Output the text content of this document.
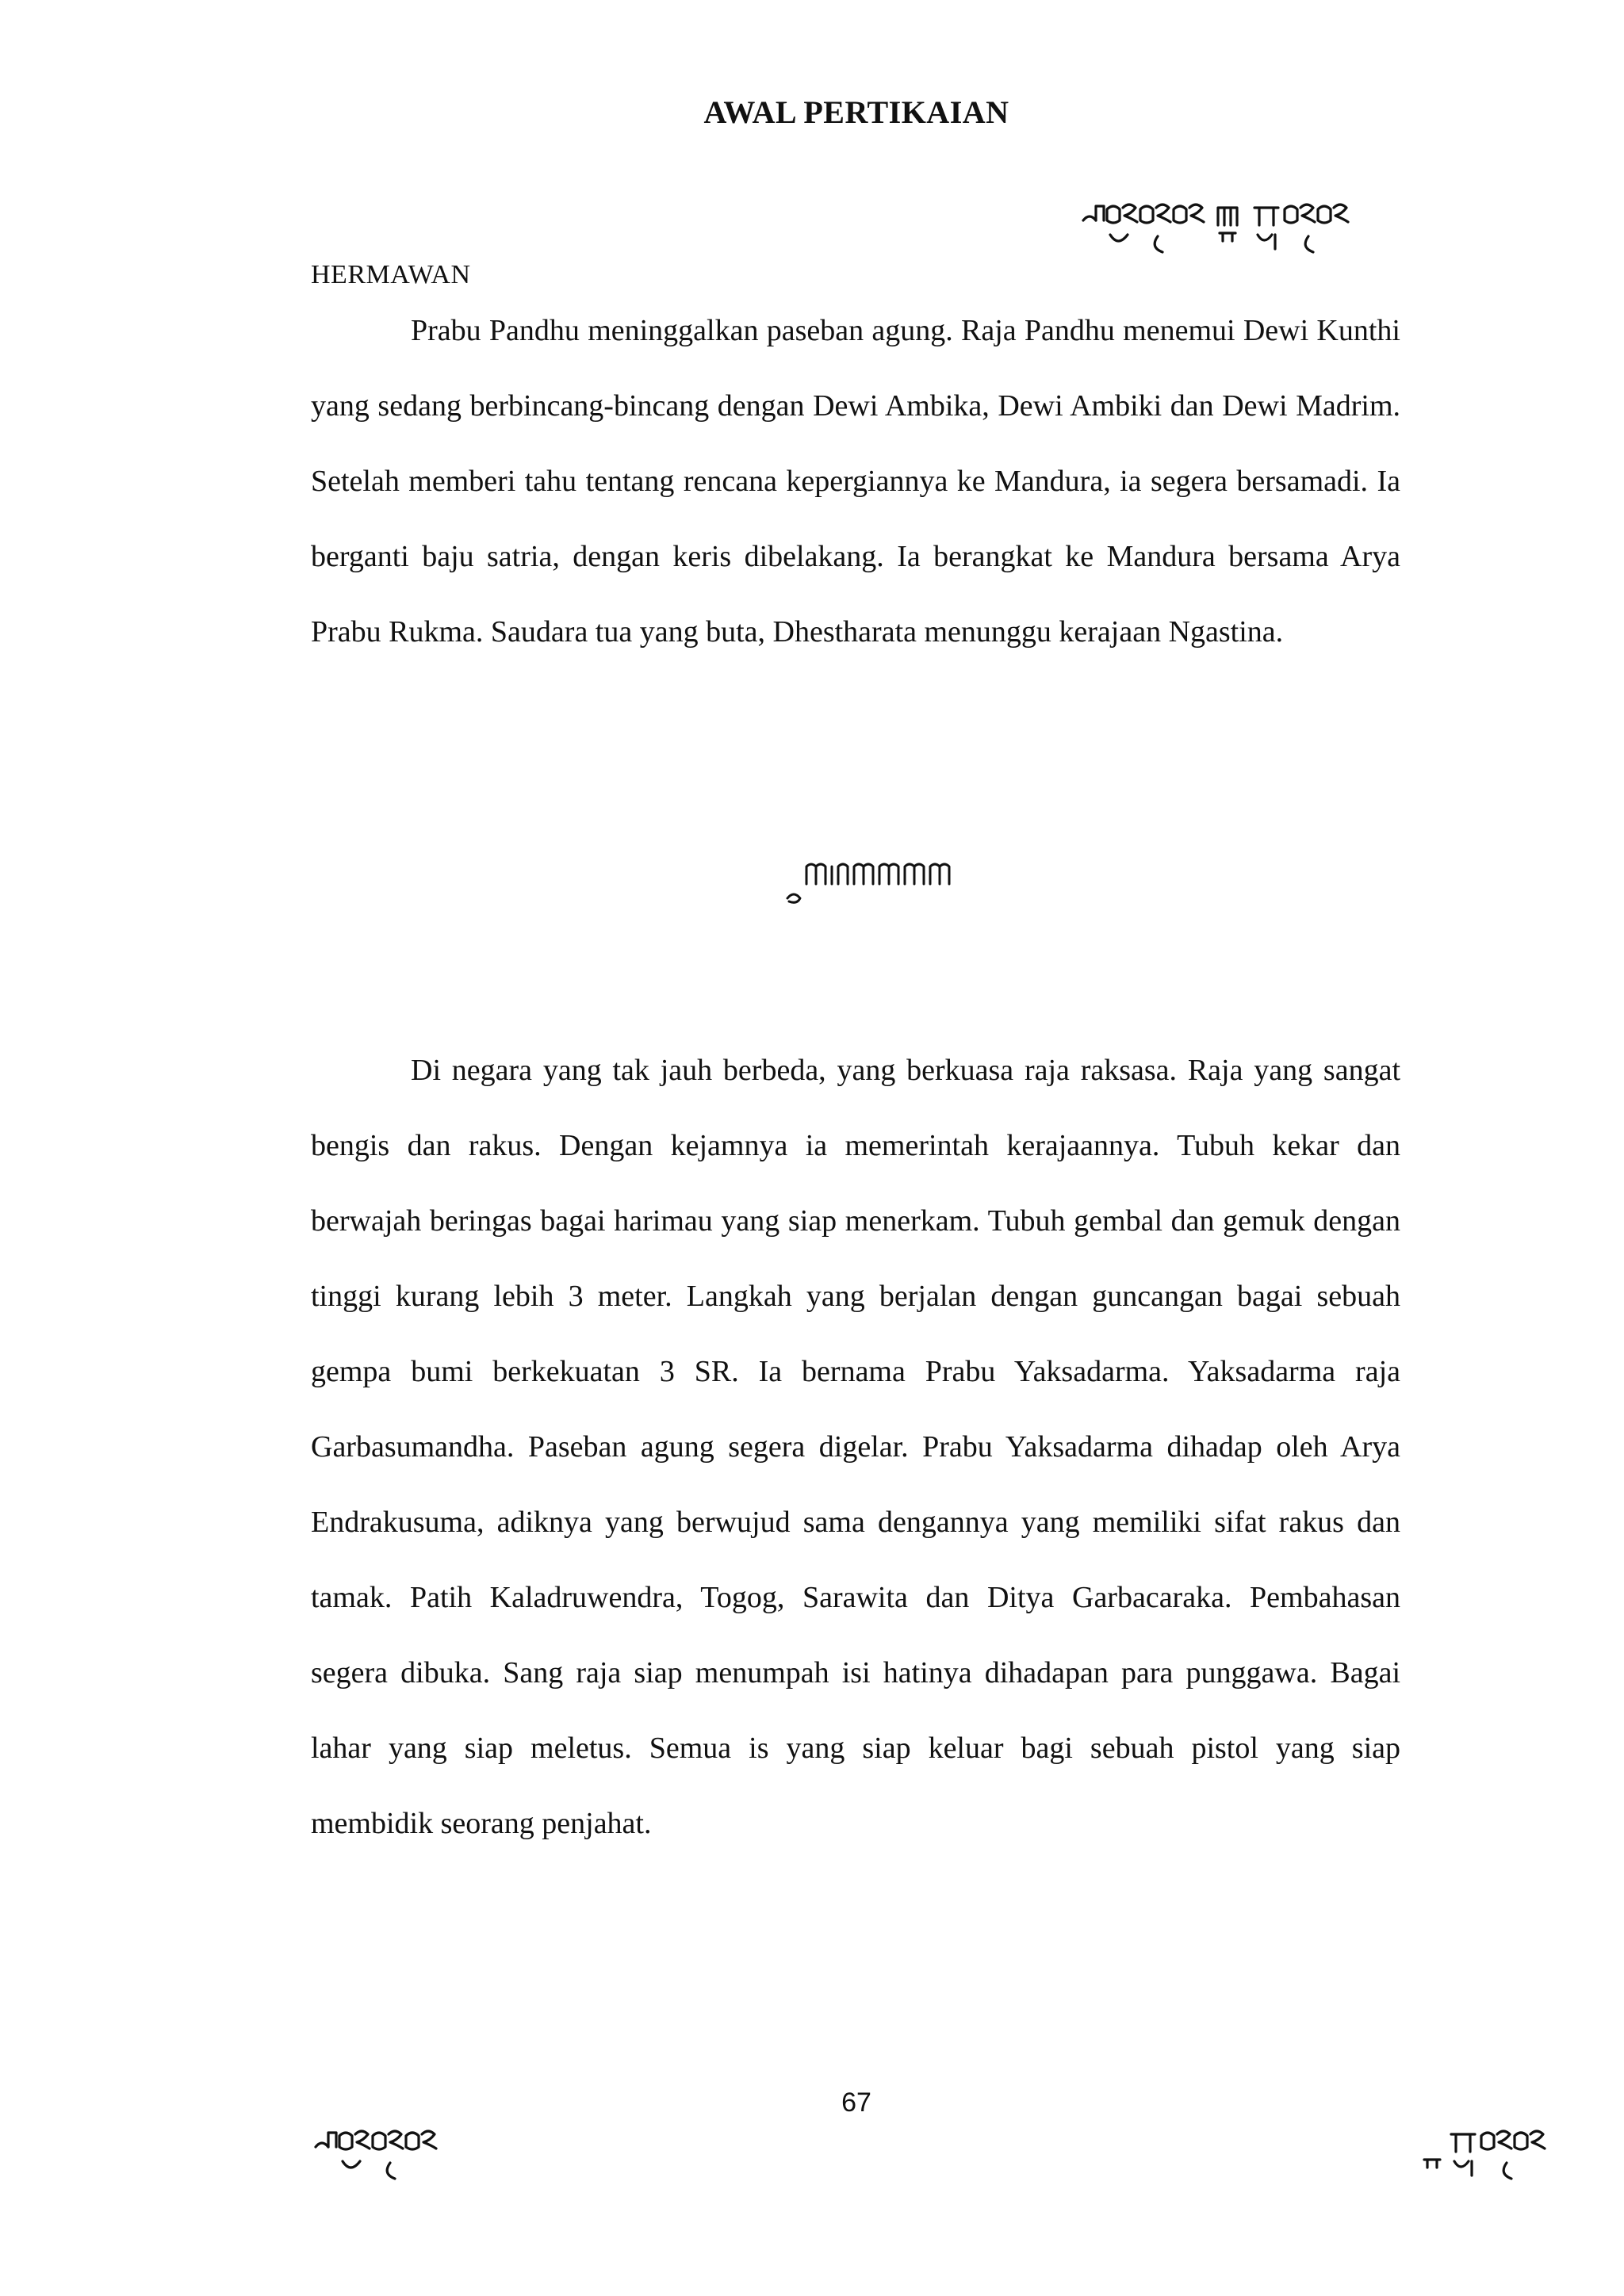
AWAL PERTIKAIAN
HERMAWAN
Prabu Pandhu meninggalkan paseban agung. Raja Pandhu menemui Dewi Kunthi yang sedang berbincang-bincang dengan Dewi Ambika, Dewi Ambiki dan Dewi Madrim. Setelah memberi tahu tentang rencana kepergiannya ke Mandura, ia segera bersamadi. Ia berganti baju satria, dengan keris dibelakang. Ia berangkat ke Mandura bersama Arya Prabu Rukma. Saudara tua yang buta, Dhestharata menunggu kerajaan Ngastina.
Di negara yang tak jauh berbeda, yang berkuasa raja raksasa. Raja yang sangat bengis dan rakus. Dengan kejamnya ia memerintah kerajaannya. Tubuh kekar dan berwajah beringas bagai harimau yang siap menerkam. Tubuh gembal dan gemuk dengan tinggi kurang lebih 3 meter. Langkah yang berjalan dengan guncangan bagai sebuah gempa bumi berkekuatan 3 SR. Ia bernama Prabu Yaksadarma. Yaksadarma raja Garbasumandha. Paseban agung segera digelar. Prabu Yaksadarma dihadap oleh Arya Endrakusuma, adiknya yang berwujud sama dengannya yang memiliki sifat rakus dan tamak. Patih Kaladruwendra, Togog, Sarawita dan Ditya Garbacaraka. Pembahasan segera dibuka. Sang raja siap menumpah isi hatinya dihadapan para punggawa. Bagai lahar yang siap meletus. Semua is yang siap keluar bagi sebuah pistol yang siap membidik seorang penjahat.
67
